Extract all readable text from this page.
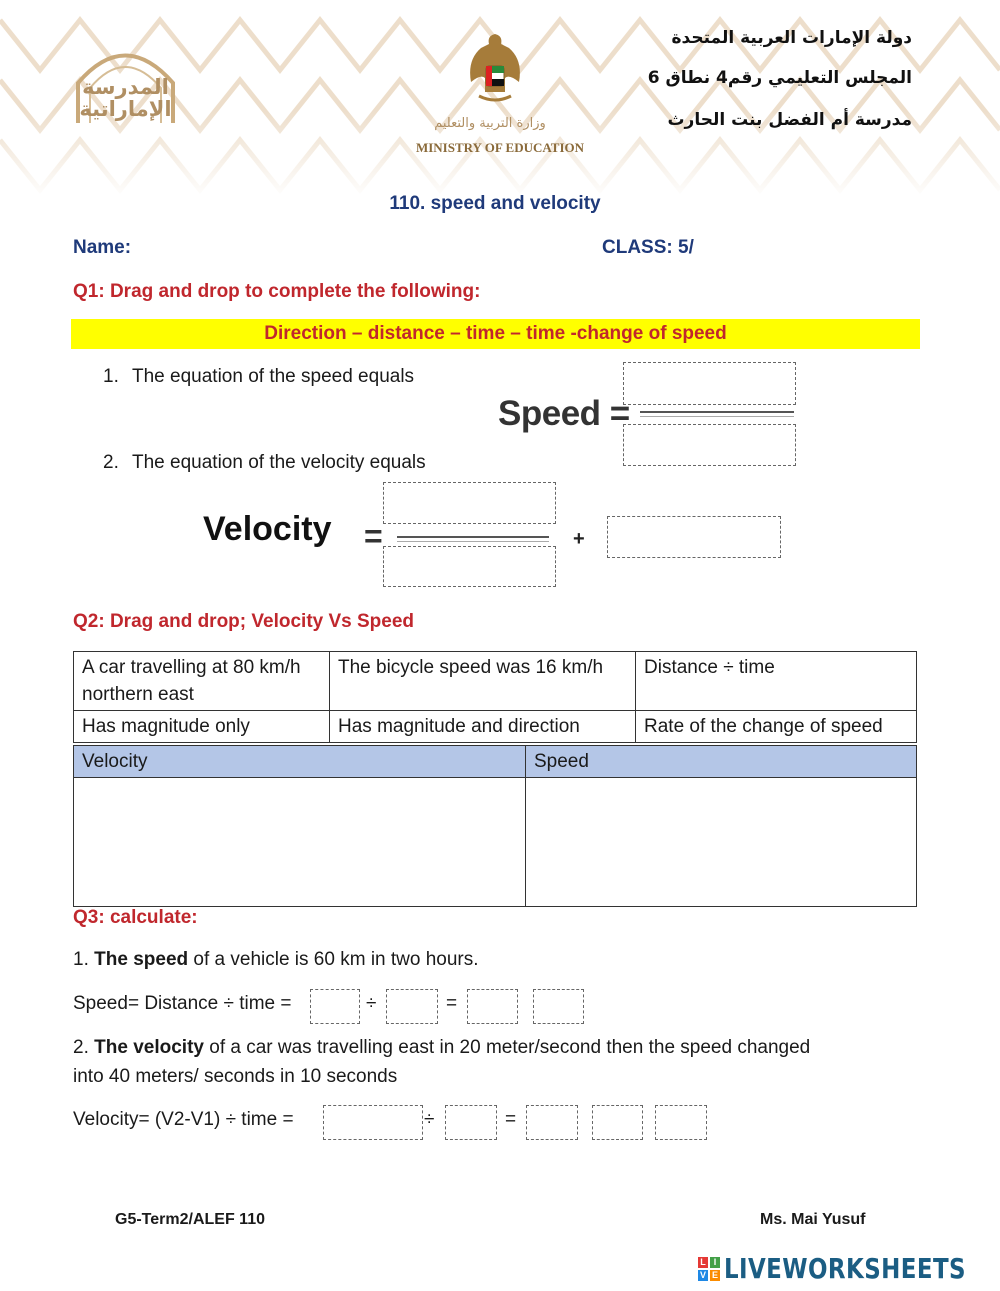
المدرسة الإماراتية
وزارة التربية والتعليم
MINISTRY OF EDUCATION
دولة الإمارات العربية المتحدة
المجلس التعليمي رقم4 نطاق 6
مدرسة أم الفضل بنت الحارث
110. speed and velocity
Name:	CLASS: 5/
Q1: Drag and drop to complete the following:
Direction – distance – time – time -change of speed
1. The equation of the speed equals
Speed =
2. The equation of the velocity equals
Velocity =	+
Q2: Drag and drop; Velocity Vs Speed
A car travelling at 80 km/h northern east	The bicycle speed was 16 km/h	Distance ÷ time
Has magnitude only	Has magnitude and direction	Rate of the change of speed
Velocity	Speed

Q3: calculate:
1. The speed of a vehicle is 60 km in two hours.
Speed= Distance ÷ time =	÷	=
2. The velocity of a car was travelling east in 20 meter/second then the speed changed
into 40 meters/ seconds in 10 seconds
Velocity= (V2-V1) ÷ time =	÷	=
G5-Term2/ALEF 110	Ms. Mai Yusuf
L I
V E LIVEWORKSHEETS
